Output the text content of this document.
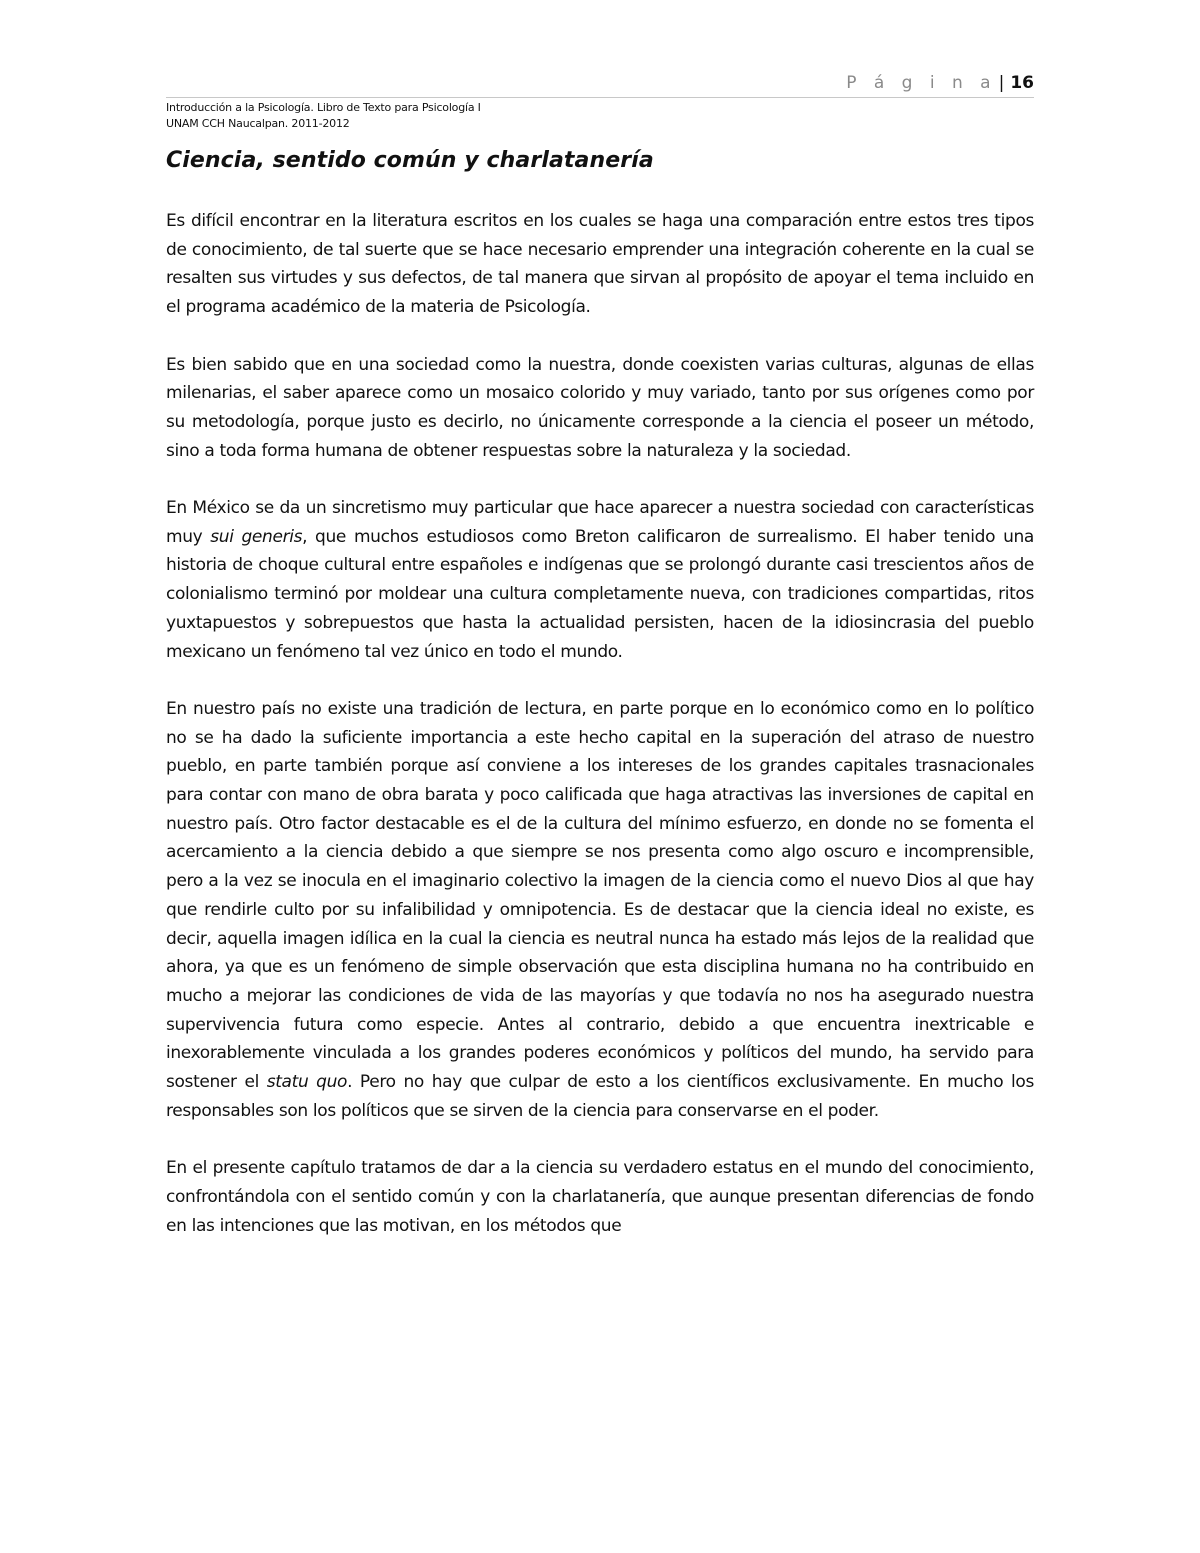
P á g i n a | 16
Introducción a la Psicología. Libro de Texto para Psicología I
UNAM CCH Naucalpan. 2011-2012
Ciencia, sentido común y charlatanería

Es difícil encontrar en la literatura escritos en los cuales se haga una comparación entre estos tres tipos de conocimiento, de tal suerte que se hace necesario emprender una integración coherente en la cual se resalten sus virtudes y sus defectos, de tal manera que sirvan al propósito de apoyar el tema incluido en el programa académico de la materia de Psicología.

Es bien sabido que en una sociedad como la nuestra, donde coexisten varias culturas, algunas de ellas milenarias, el saber aparece como un mosaico colorido y muy variado, tanto por sus orígenes como por su metodología, porque justo es decirlo, no únicamente corresponde a la ciencia el poseer un método, sino a toda forma humana de obtener respuestas sobre la naturaleza y la sociedad.

En México se da un sincretismo muy particular que hace aparecer a nuestra sociedad con características muy sui generis, que muchos estudiosos como Breton calificaron de surrealismo. El haber tenido una historia de choque cultural entre españoles e indígenas que se prolongó durante casi trescientos años de colonialismo terminó por moldear una cultura completamente nueva, con tradiciones compartidas, ritos yuxtapuestos y sobrepuestos que hasta la actualidad persisten, hacen de la idiosincrasia del pueblo mexicano un fenómeno tal vez único en todo el mundo.

En nuestro país no existe una tradición de lectura, en parte porque en lo económico como en lo político no se ha dado la suficiente importancia a este hecho capital en la superación del atraso de nuestro pueblo, en parte también porque así conviene a los intereses de los grandes capitales trasnacionales para contar con mano de obra barata y poco calificada que haga atractivas las inversiones de capital en nuestro país. Otro factor destacable es el de la cultura del mínimo esfuerzo, en donde no se fomenta el acercamiento a la ciencia debido a que siempre se nos presenta como algo oscuro e incomprensible, pero a la vez se inocula en el imaginario colectivo la imagen de la ciencia como el nuevo Dios al que hay que rendirle culto por su infalibilidad y omnipotencia. Es de destacar que la ciencia ideal no existe, es decir, aquella imagen idílica en la cual la ciencia es neutral nunca ha estado más lejos de la realidad que ahora, ya que es un fenómeno de simple observación que esta disciplina humana no ha contribuido en mucho a mejorar las condiciones de vida de las mayorías y que todavía no nos ha asegurado nuestra supervivencia futura como especie. Antes al contrario, debido a que encuentra inextricable e inexorablemente vinculada a los grandes poderes económicos y políticos del mundo, ha servido para sostener el statu quo. Pero no hay que culpar de esto a los científicos exclusivamente. En mucho los responsables son los políticos que se sirven de la ciencia para conservarse en el poder.

En el presente capítulo tratamos de dar a la ciencia su verdadero estatus en el mundo del conocimiento, confrontándola con el sentido común y con la charlatanería, que aunque presentan diferencias de fondo en las intenciones que las motivan, en los métodos que
